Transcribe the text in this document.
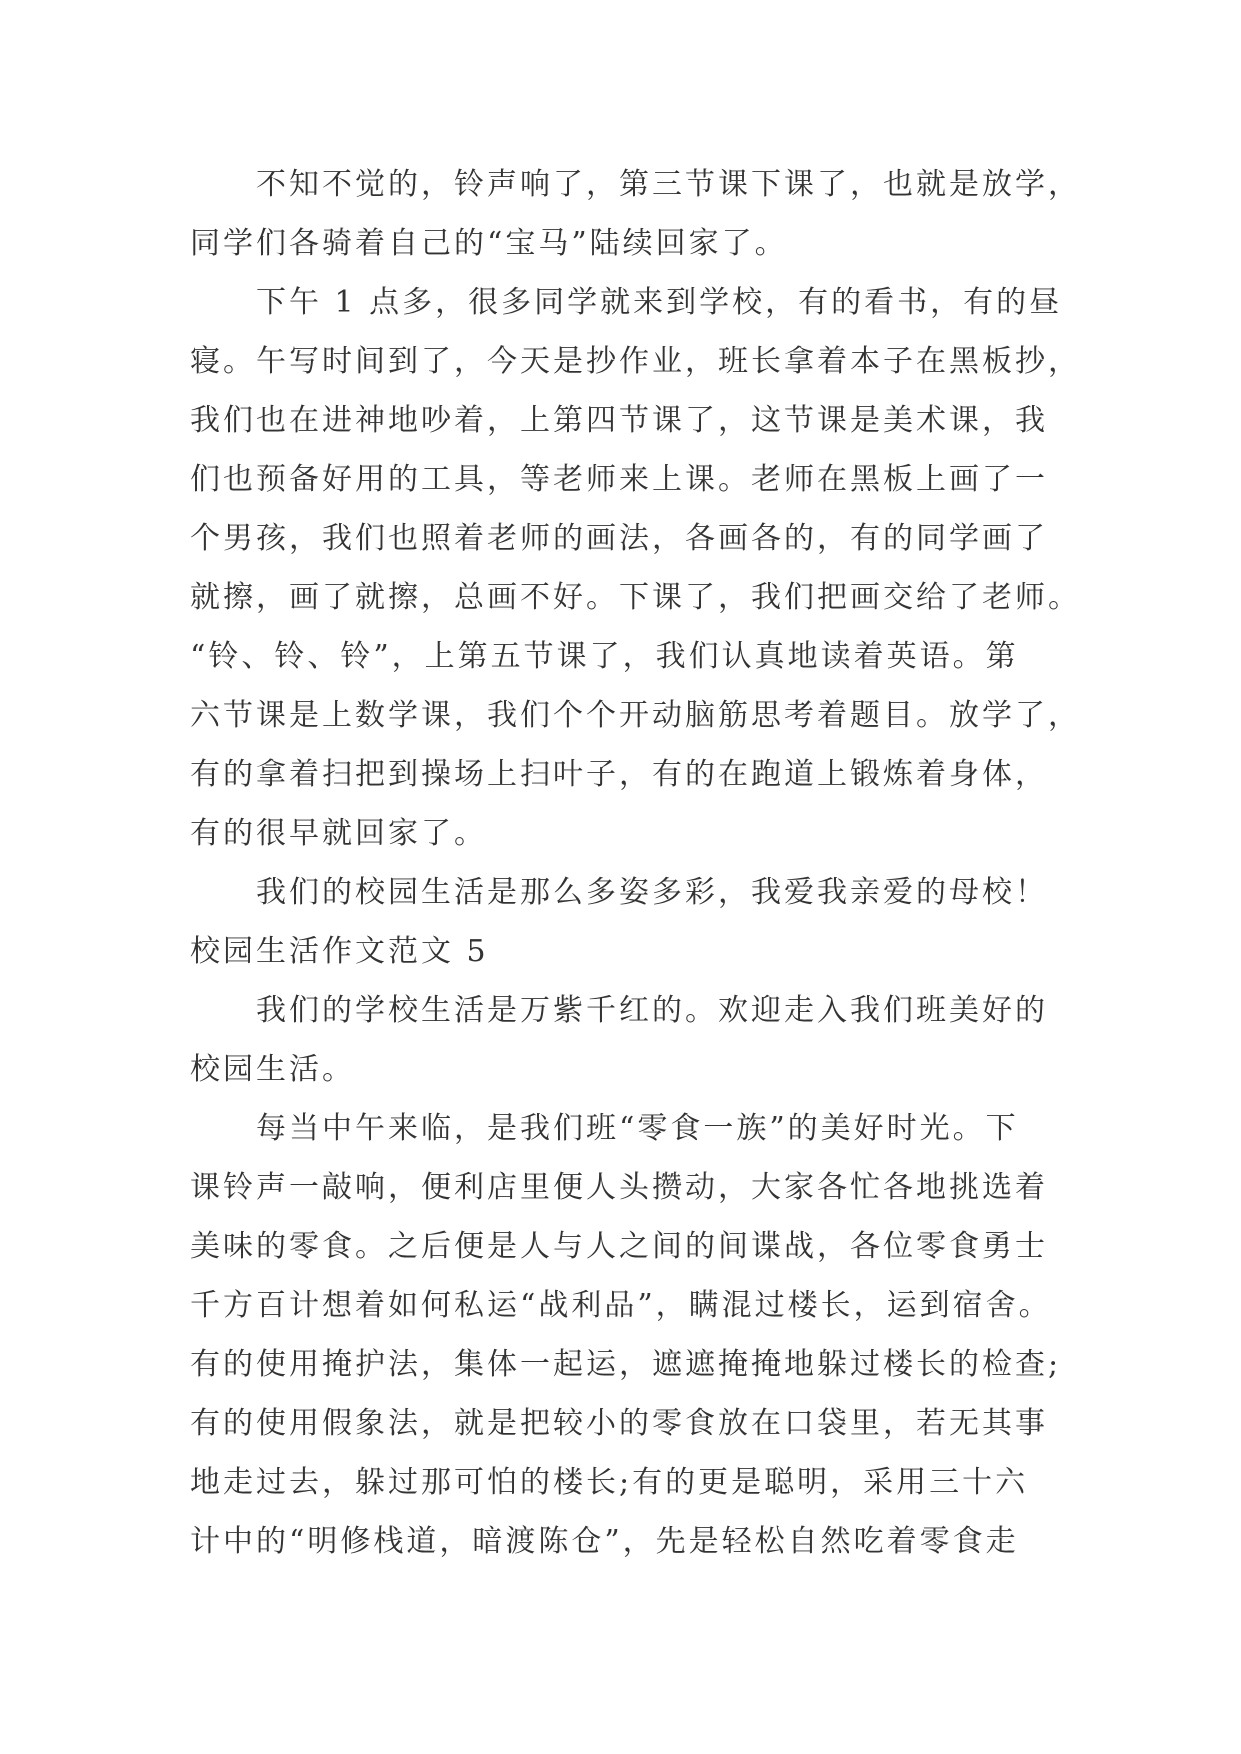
不知不觉的，铃声响了，第三节课下课了，也就是放学，
同学们各骑着自己的“宝马”陆续回家了。
下午 1 点多，很多同学就来到学校，有的看书，有的昼
寝。午写时间到了，今天是抄作业，班长拿着本子在黑板抄，
我们也在进神地吵着，上第四节课了，这节课是美术课，我
们也预备好用的工具，等老师来上课。老师在黑板上画了一
个男孩，我们也照着老师的画法，各画各的，有的同学画了
就擦，画了就擦，总画不好。下课了，我们把画交给了老师。
“铃、铃、铃”，上第五节课了，我们认真地读着英语。第
六节课是上数学课，我们个个开动脑筋思考着题目。放学了，
有的拿着扫把到操场上扫叶子，有的在跑道上锻炼着身体，
有的很早就回家了。
我们的校园生活是那么多姿多彩，我爱我亲爱的母校！
校园生活作文范文 5
我们的学校生活是万紫千红的。欢迎走入我们班美好的
校园生活。
每当中午来临，是我们班“零食一族”的美好时光。下
课铃声一敲响，便利店里便人头攒动，大家各忙各地挑选着
美味的零食。之后便是人与人之间的间谍战，各位零食勇士
千方百计想着如何私运“战利品”，瞒混过楼长，运到宿舍。
有的使用掩护法，集体一起运，遮遮掩掩地躲过楼长的检查;
有的使用假象法，就是把较小的零食放在口袋里，若无其事
地走过去，躲过那可怕的楼长;有的更是聪明，采用三十六
计中的“明修栈道，暗渡陈仓”，先是轻松自然吃着零食走
